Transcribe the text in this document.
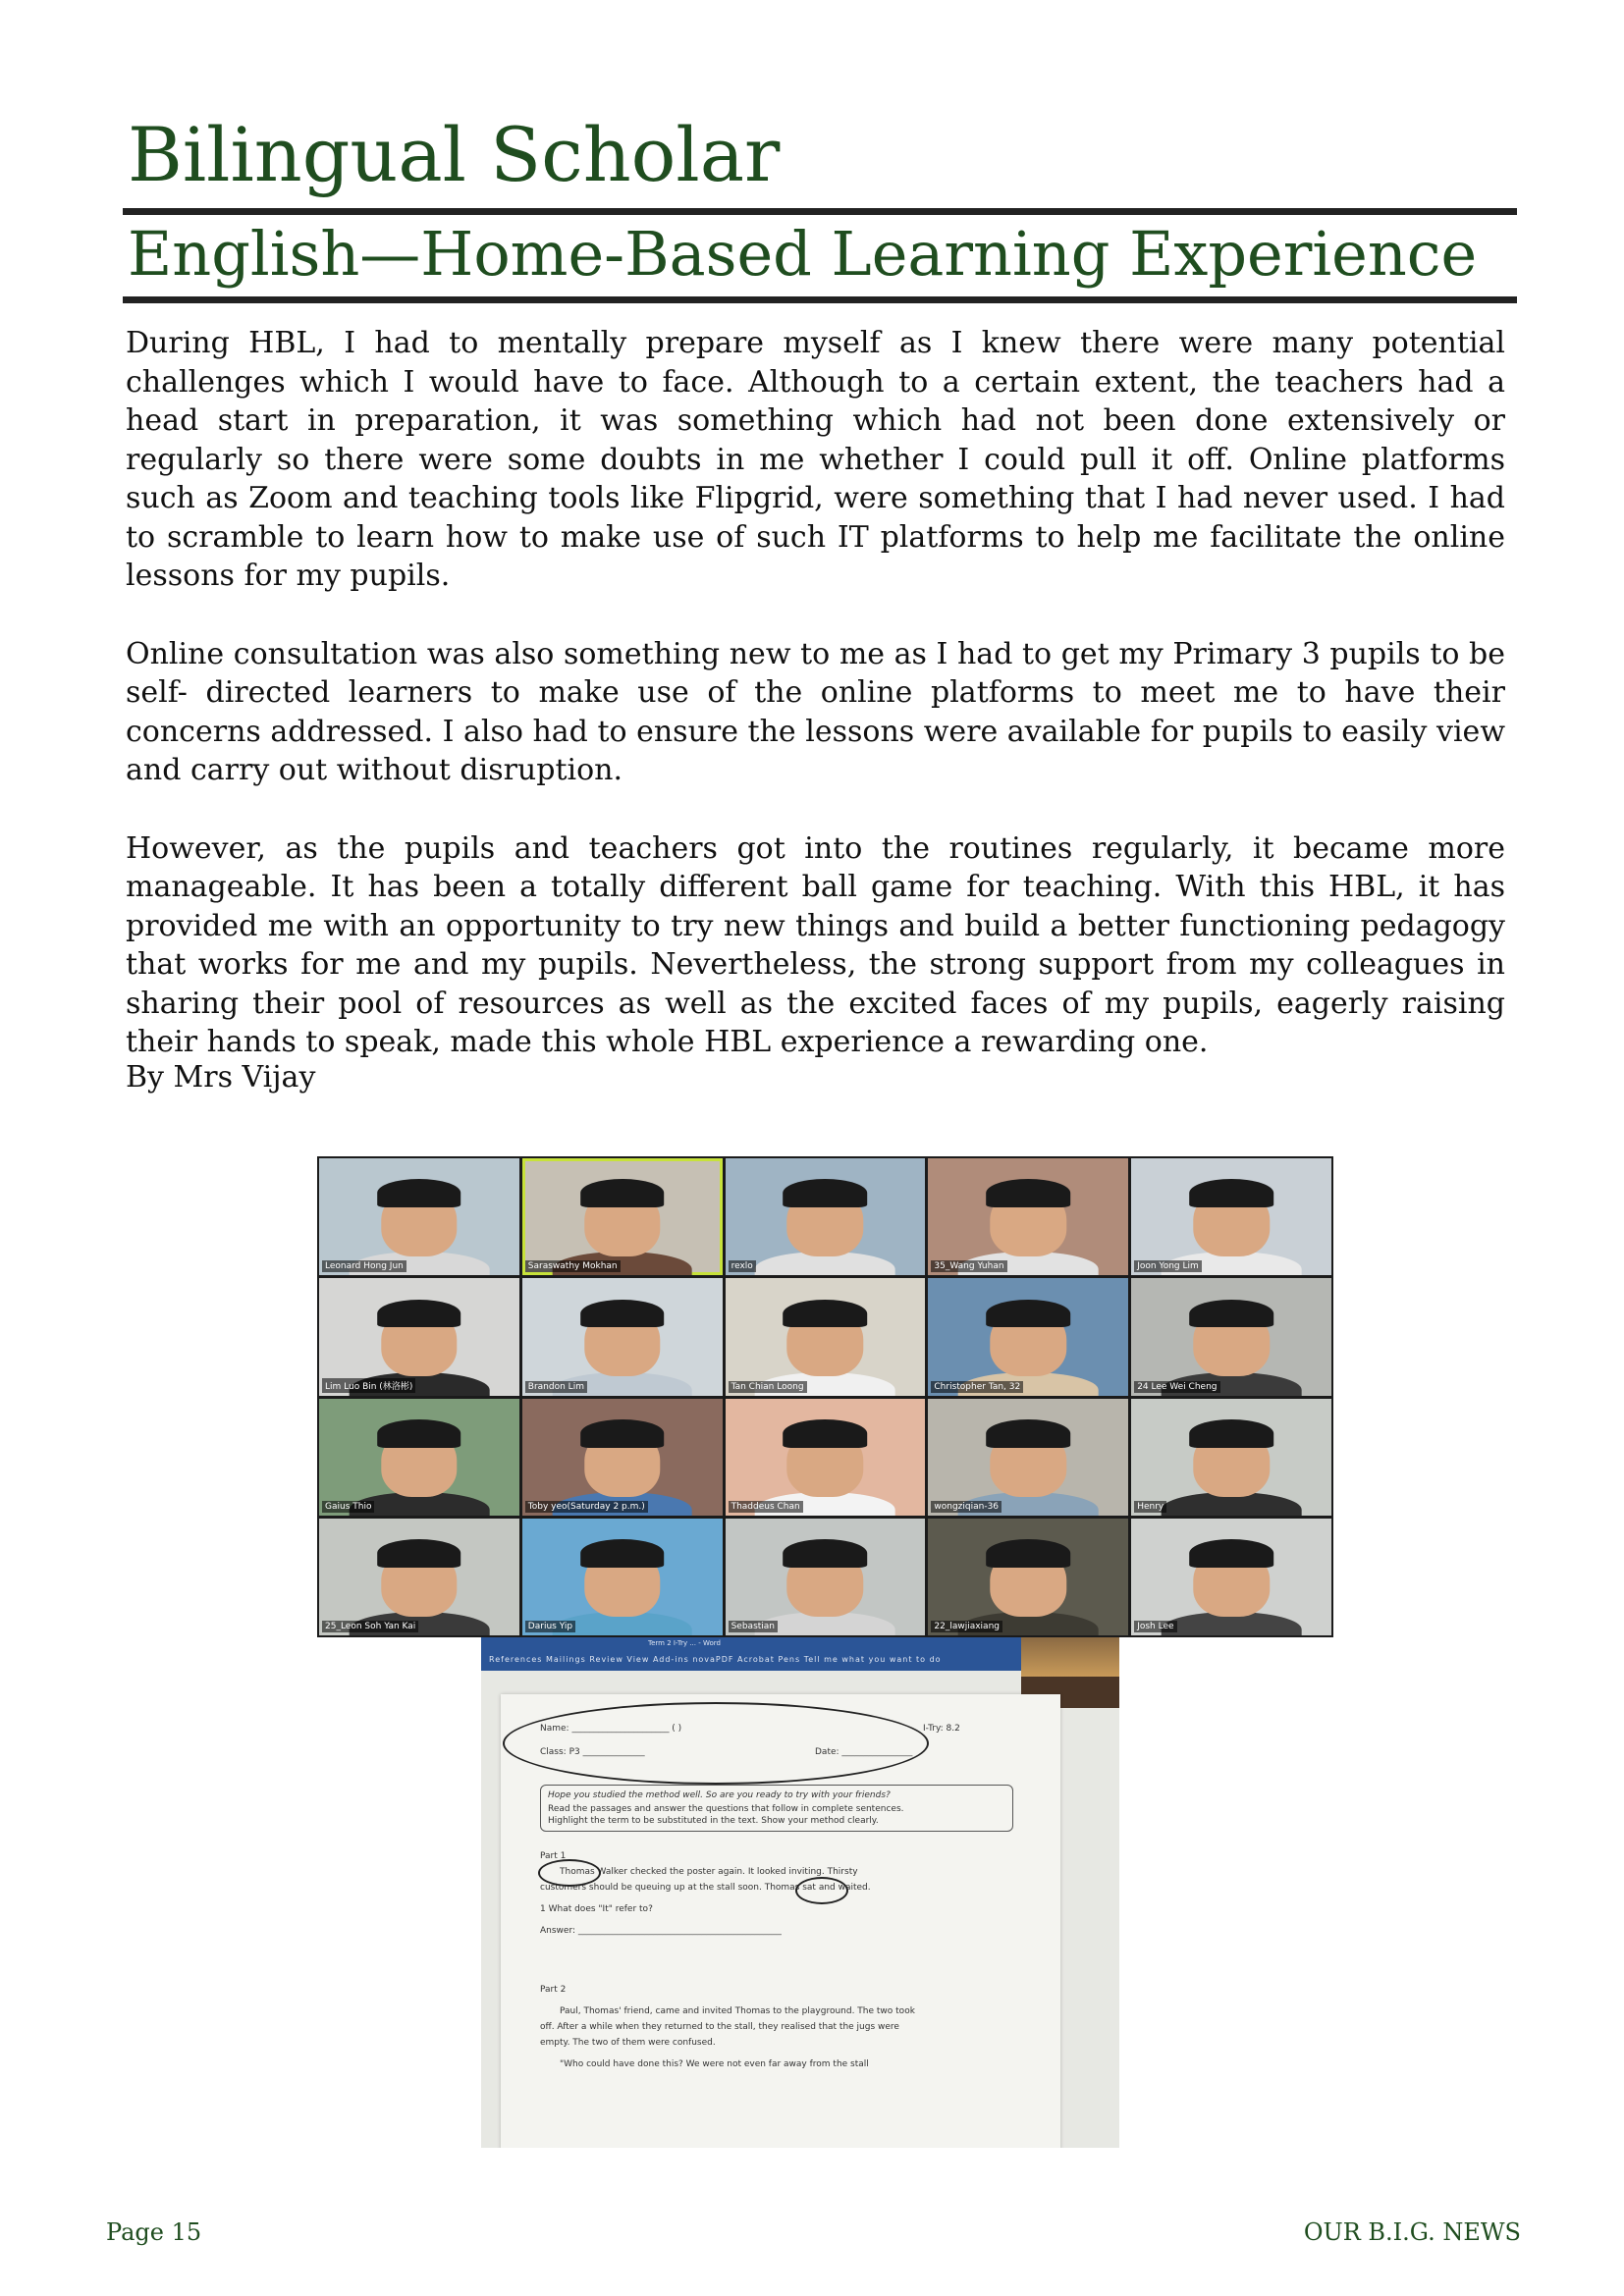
Bilingual Scholar
English—Home-Based Learning Experience

During HBL, I had to mentally prepare myself as I knew there were many potential challenges which I would have to face. Although to a certain extent, the teachers had a head start in preparation, it was something which had not been done extensively or regularly so there were some doubts in me whether I could pull it off. Online platforms such as Zoom and teaching tools like Flipgrid, were something that I had never used. I had to scramble to learn how to make use of such IT platforms to help me facilitate the online lessons for my pupils.

Online consultation was also something new to me as I had to get my Primary 3 pupils to be self- directed learners to make use of the online platforms to meet me to have their concerns addressed. I also had to ensure the lessons were available for pupils to easily view and carry out without disruption.

However, as the pupils and teachers got into the routines regularly, it became more manageable. It has been a totally different ball game for teaching. With this HBL, it has provided me with an opportunity to try new things and build a better functioning pedagogy that works for me and my pupils. Nevertheless, the strong support from my colleagues in sharing their pool of resources as well as the excited faces of my pupils, eagerly raising their hands to speak, made this whole HBL experience a rewarding one.

By Mrs Vijay
Leonard Hong Jun	Saraswathy Mokhan	rexlo	35_Wang Yuhan	Joon Yong Lim
Lim Luo Bin (林洛彬)	Brandon Lim	Tan Chian Loong	Christopher Tan, 32	24 Lee Wei Cheng
Gaius Thio	Toby yeo(Saturday 2 p.m.)	Thaddeus Chan	wongziqian-36	Henry
25_Leon Soh Yan Kai	Darius Yip	Sebastian	22_lawjiaxiang	Josh Lee
Term 2 I-Try ... - Word
References Mailings Review View Add-ins novaPDF Acrobat Pens Tell me what you want to do
Name: ______________________ ( )	I-Try: 8.2
Class: P3 ______________	Date: ________________
Hope you studied the method well. So are you ready to try with your friends?
Read the passages and answer the questions that follow in complete sentences.
Highlight the term to be substituted in the text. Show your method clearly.
Part 1
Thomas Walker checked the poster again. It looked inviting. Thirsty
customers should be queuing up at the stall soon. Thomas sat and waited.
1 What does "It" refer to?
Answer: ______________________________________________
Part 2
Paul, Thomas' friend, came and invited Thomas to the playground. The two took
off. After a while when they returned to the stall, they realised that the jugs were
empty. The two of them were confused.
"Who could have done this? We were not even far away from the stall
Page 15	OUR B.I.G. NEWS
